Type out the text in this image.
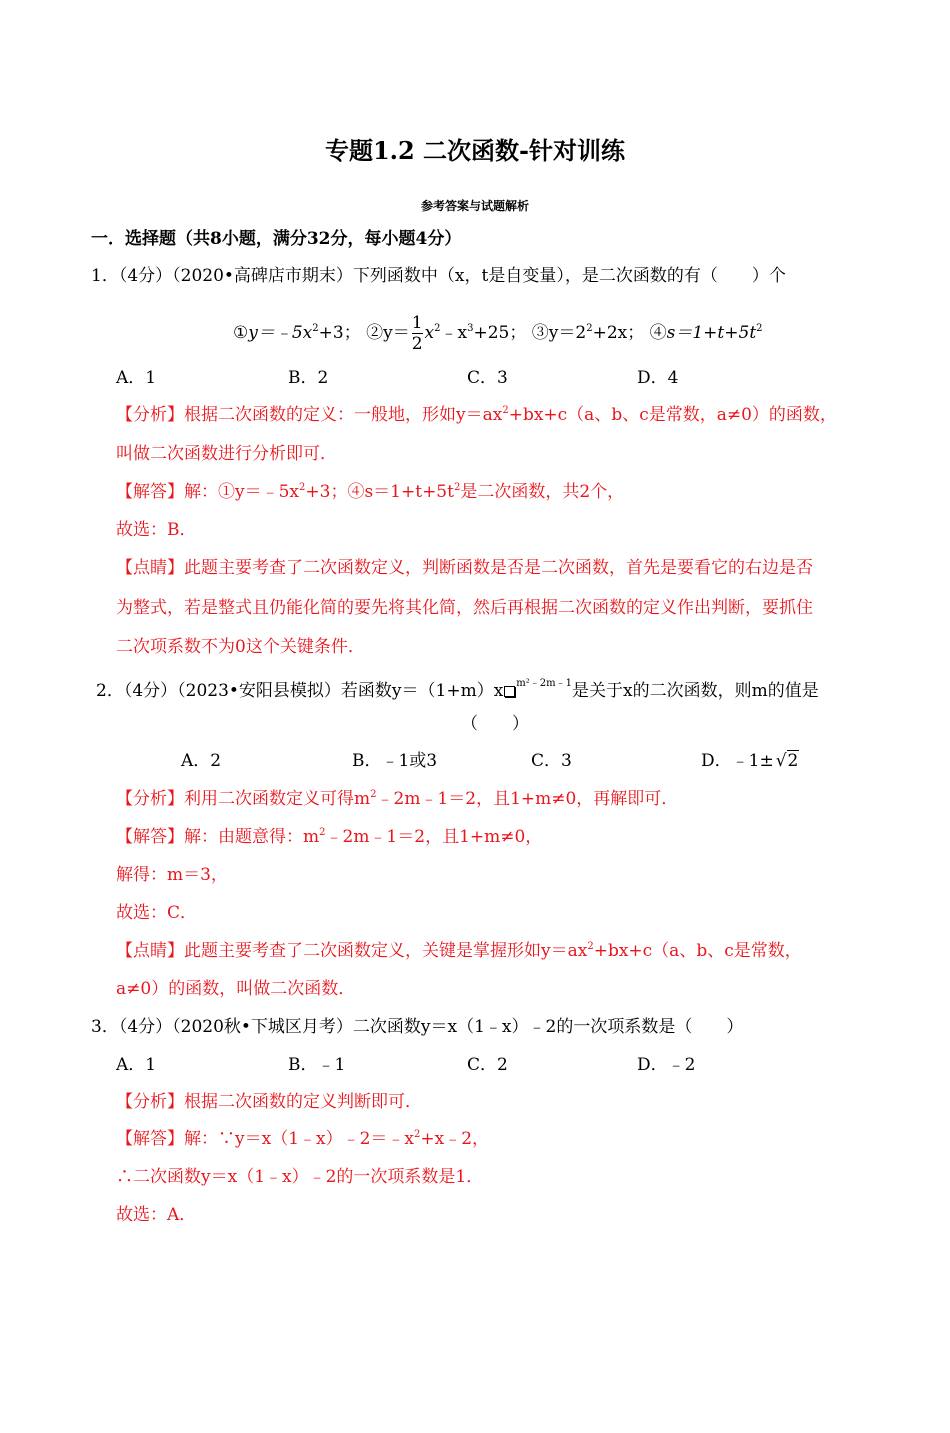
专题1.2 二次函数-针对训练
参考答案与试题解析
一．选择题（共8小题，满分32分，每小题4分）
1．（4分）（2020•高碑店市期末）下列函数中（x，t是自变量），是二次函数的有（　　）个
$①y=﹣5x^2+3$； ②y＝ $\frac{1}{2}$ $x^2﹣x^3+25$； $③y=2^2+2x$； $④s=1+t+5t^2$
A．1	B．2	C．3	D．4
【分析】根据二次函数的定义：一般地，形如$y=ax^2+bx+c(a$、b、c是常数，a≠0）的函数，
叫做二次函数进行分析即可．
【解答】解：$①y=﹣5x^2+3$；$④s=1+t+5t^2$是二次函数，共2个，
故选：B．
【点睛】此题主要考查了二次函数定义，判断函数是否是二次函数，首先是要看它的右边是否
为整式，若是整式且仍能化简的要先将其化简，然后再根据二次函数的定义作出判断，要抓住
二次项系数不为0这个关键条件．
2．（4分）（2023•安阳县模拟）若函数y＝（1+m）x $^{m^2﹣2m﹣1}$是关于x的二次函数，则m的值是
（　　）
A．2	B．﹣1或3	C．3	D．﹣1± √2
【分析】利用二次函数定义可得$m^2﹣2m﹣1=2$，且1+m≠0，再解即可．
【解答】解：由题意得：$m^2﹣2m﹣1=2$，且1+m≠0，
解得：m＝3，
故选：C．
【点睛】此题主要考查了二次函数定义，关键是掌握形如$y=ax^2+bx+c(a$、b、c是常数，
a≠0）的函数，叫做二次函数．
3．（4分）（2020秋•下城区月考）二次函数y＝x（1﹣x）﹣2的一次项系数是（　　）
A．1	B．﹣1	C．2	D．﹣2
【分析】根据二次函数的定义判断即可．
【解答】解：$\because y=x(1﹣x)﹣2=﹣x^2+x﹣2$，
∴二次函数y＝x（1﹣x）﹣2的一次项系数是1．
故选：A．
